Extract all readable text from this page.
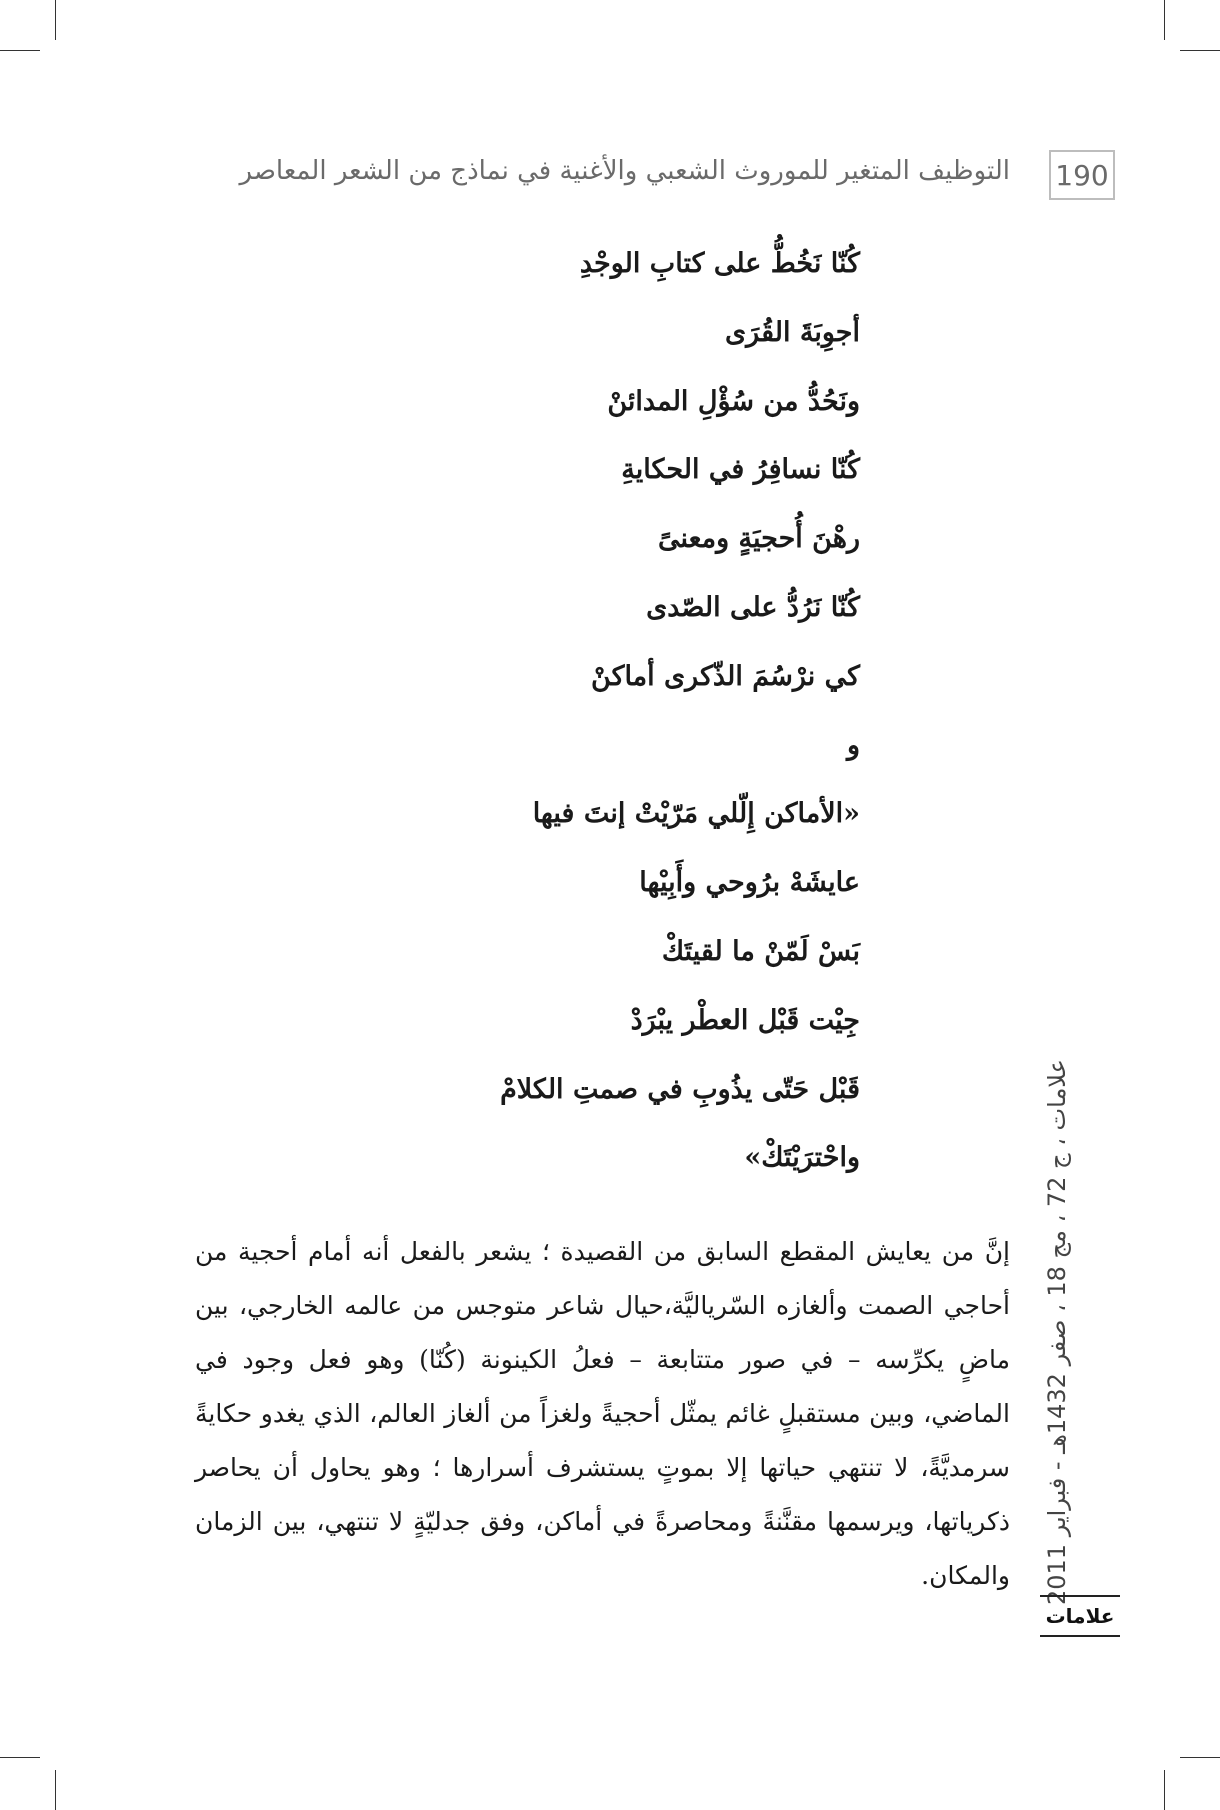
190
التوظيف المتغير للموروث الشعبي والأغنية في نماذج من الشعر المعاصر
كُنّا نَخُطُّ على كتابِ الوجْدِ
أجوِبَةَ القُرَى
ونَحُدُّ من سُؤْلِ المدائنْ
كُنّا نسافِرُ في الحكايةِ
رهْنَ أُحجيَةٍ ومعنىً
كُنّا نَرُدُّ على الصّدى
كي نرْسُمَ الذّكرى أماكنْ
و
«الأماكن إِلّلي مَرّيْتْ إنتَ فيها
عايشَهْ برُوحي وأَبِيْها
بَسْ لَمّنْ ما لقيتَكْ
جِيْت قَبْل العطْر يبْرَدْ
قَبْل حَتّى يذُوبِ في صمتِ الكلامْ
واحْترَيْتَكْ»

إنَّ من يعايش المقطع السابق من القصيدة ؛ يشعر بالفعل أنه أمام أحجية من أحاجي الصمت وألغازه السّرياليَّة،حيال شاعر متوجس من عالمه الخارجي، بين ماضٍ يكرِّسه – في صور متتابعة – فعلُ الكينونة (كُنّا) وهو فعل وجود في الماضي، وبين مستقبلٍ غائم يمثّل أحجيةً ولغزاً من ألغاز العالم، الذي يغدو حكايةً سرمديَّةً، لا تنتهي حياتها إلا بموتٍ يستشرف أسرارها ؛ وهو يحاول أن يحاصر ذكرياتها، ويرسمها مقنَّنةً ومحاصرةً في أماكن، وفق جدليّةٍ لا تنتهي، بين الزمان والمكان.	علامات ، ج 72 ، مج 18 ، صفر 1432هـ - فبراير 2011
علامات
